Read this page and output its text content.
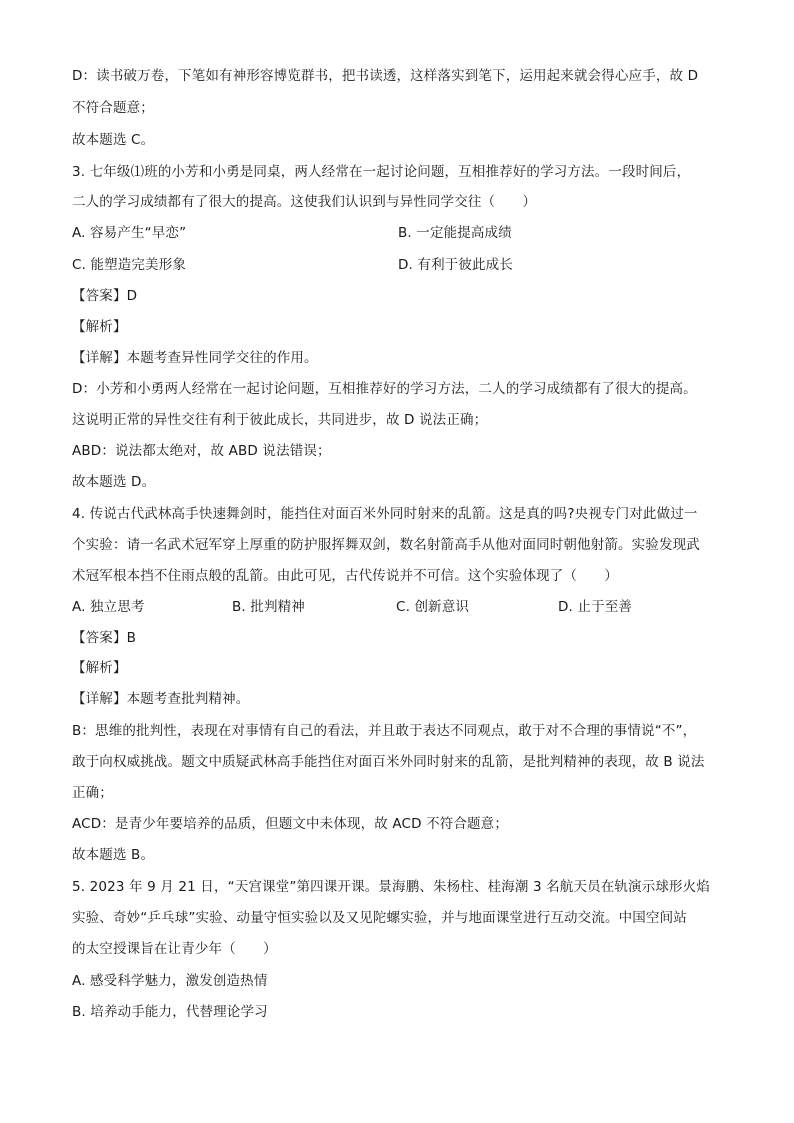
D：读书破万卷，下笔如有神形容博览群书，把书读透，这样落实到笔下，运用起来就会得心应手，故 D
不符合题意；
故本题选 C。
3. 七年级⑴班的小芳和小勇是同桌，两人经常在一起讨论问题，互相推荐好的学习方法。一段时间后，
二人的学习成绩都有了很大的提高。这使我们认识到与异性同学交往（　　）
A. 容易产生“早恋”	B. 一定能提高成绩
C. 能塑造完美形象	D. 有利于彼此成长
【答案】D
【解析】
【详解】本题考查异性同学交往的作用。
D：小芳和小勇两人经常在一起讨论问题，互相推荐好的学习方法，二人的学习成绩都有了很大的提高。
这说明正常的异性交往有利于彼此成长，共同进步，故 D 说法正确；
ABD：说法都太绝对，故 ABD 说法错误；
故本题选 D。
4. 传说古代武林高手快速舞剑时，能挡住对面百米外同时射来的乱箭。这是真的吗?央视专门对此做过一
个实验：请一名武术冠军穿上厚重的防护服挥舞双剑，数名射箭高手从他对面同时朝他射箭。实验发现武
术冠军根本挡不住雨点般的乱箭。由此可见，古代传说并不可信。这个实验体现了（　　）
A. 独立思考	B. 批判精神	C. 创新意识	D. 止于至善
【答案】B
【解析】
【详解】本题考查批判精神。
B：思维的批判性，表现在对事情有自己的看法，并且敢于表达不同观点，敢于对不合理的事情说“不”，
敢于向权威挑战。题文中质疑武林高手能挡住对面百米外同时射来的乱箭，是批判精神的表现，故 B 说法
正确；
ACD：是青少年要培养的品质，但题文中未体现，故 ACD 不符合题意；
故本题选 B。
5. 2023 年 9 月 21 日，“天宫课堂”第四课开课。景海鹏、朱杨柱、桂海潮 3 名航天员在轨演示球形火焰
实验、奇妙“乒乓球”实验、动量守恒实验以及又见陀螺实验，并与地面课堂进行互动交流。中国空间站
的太空授课旨在让青少年（　　）
A. 感受科学魅力，激发创造热情
B. 培养动手能力，代替理论学习
